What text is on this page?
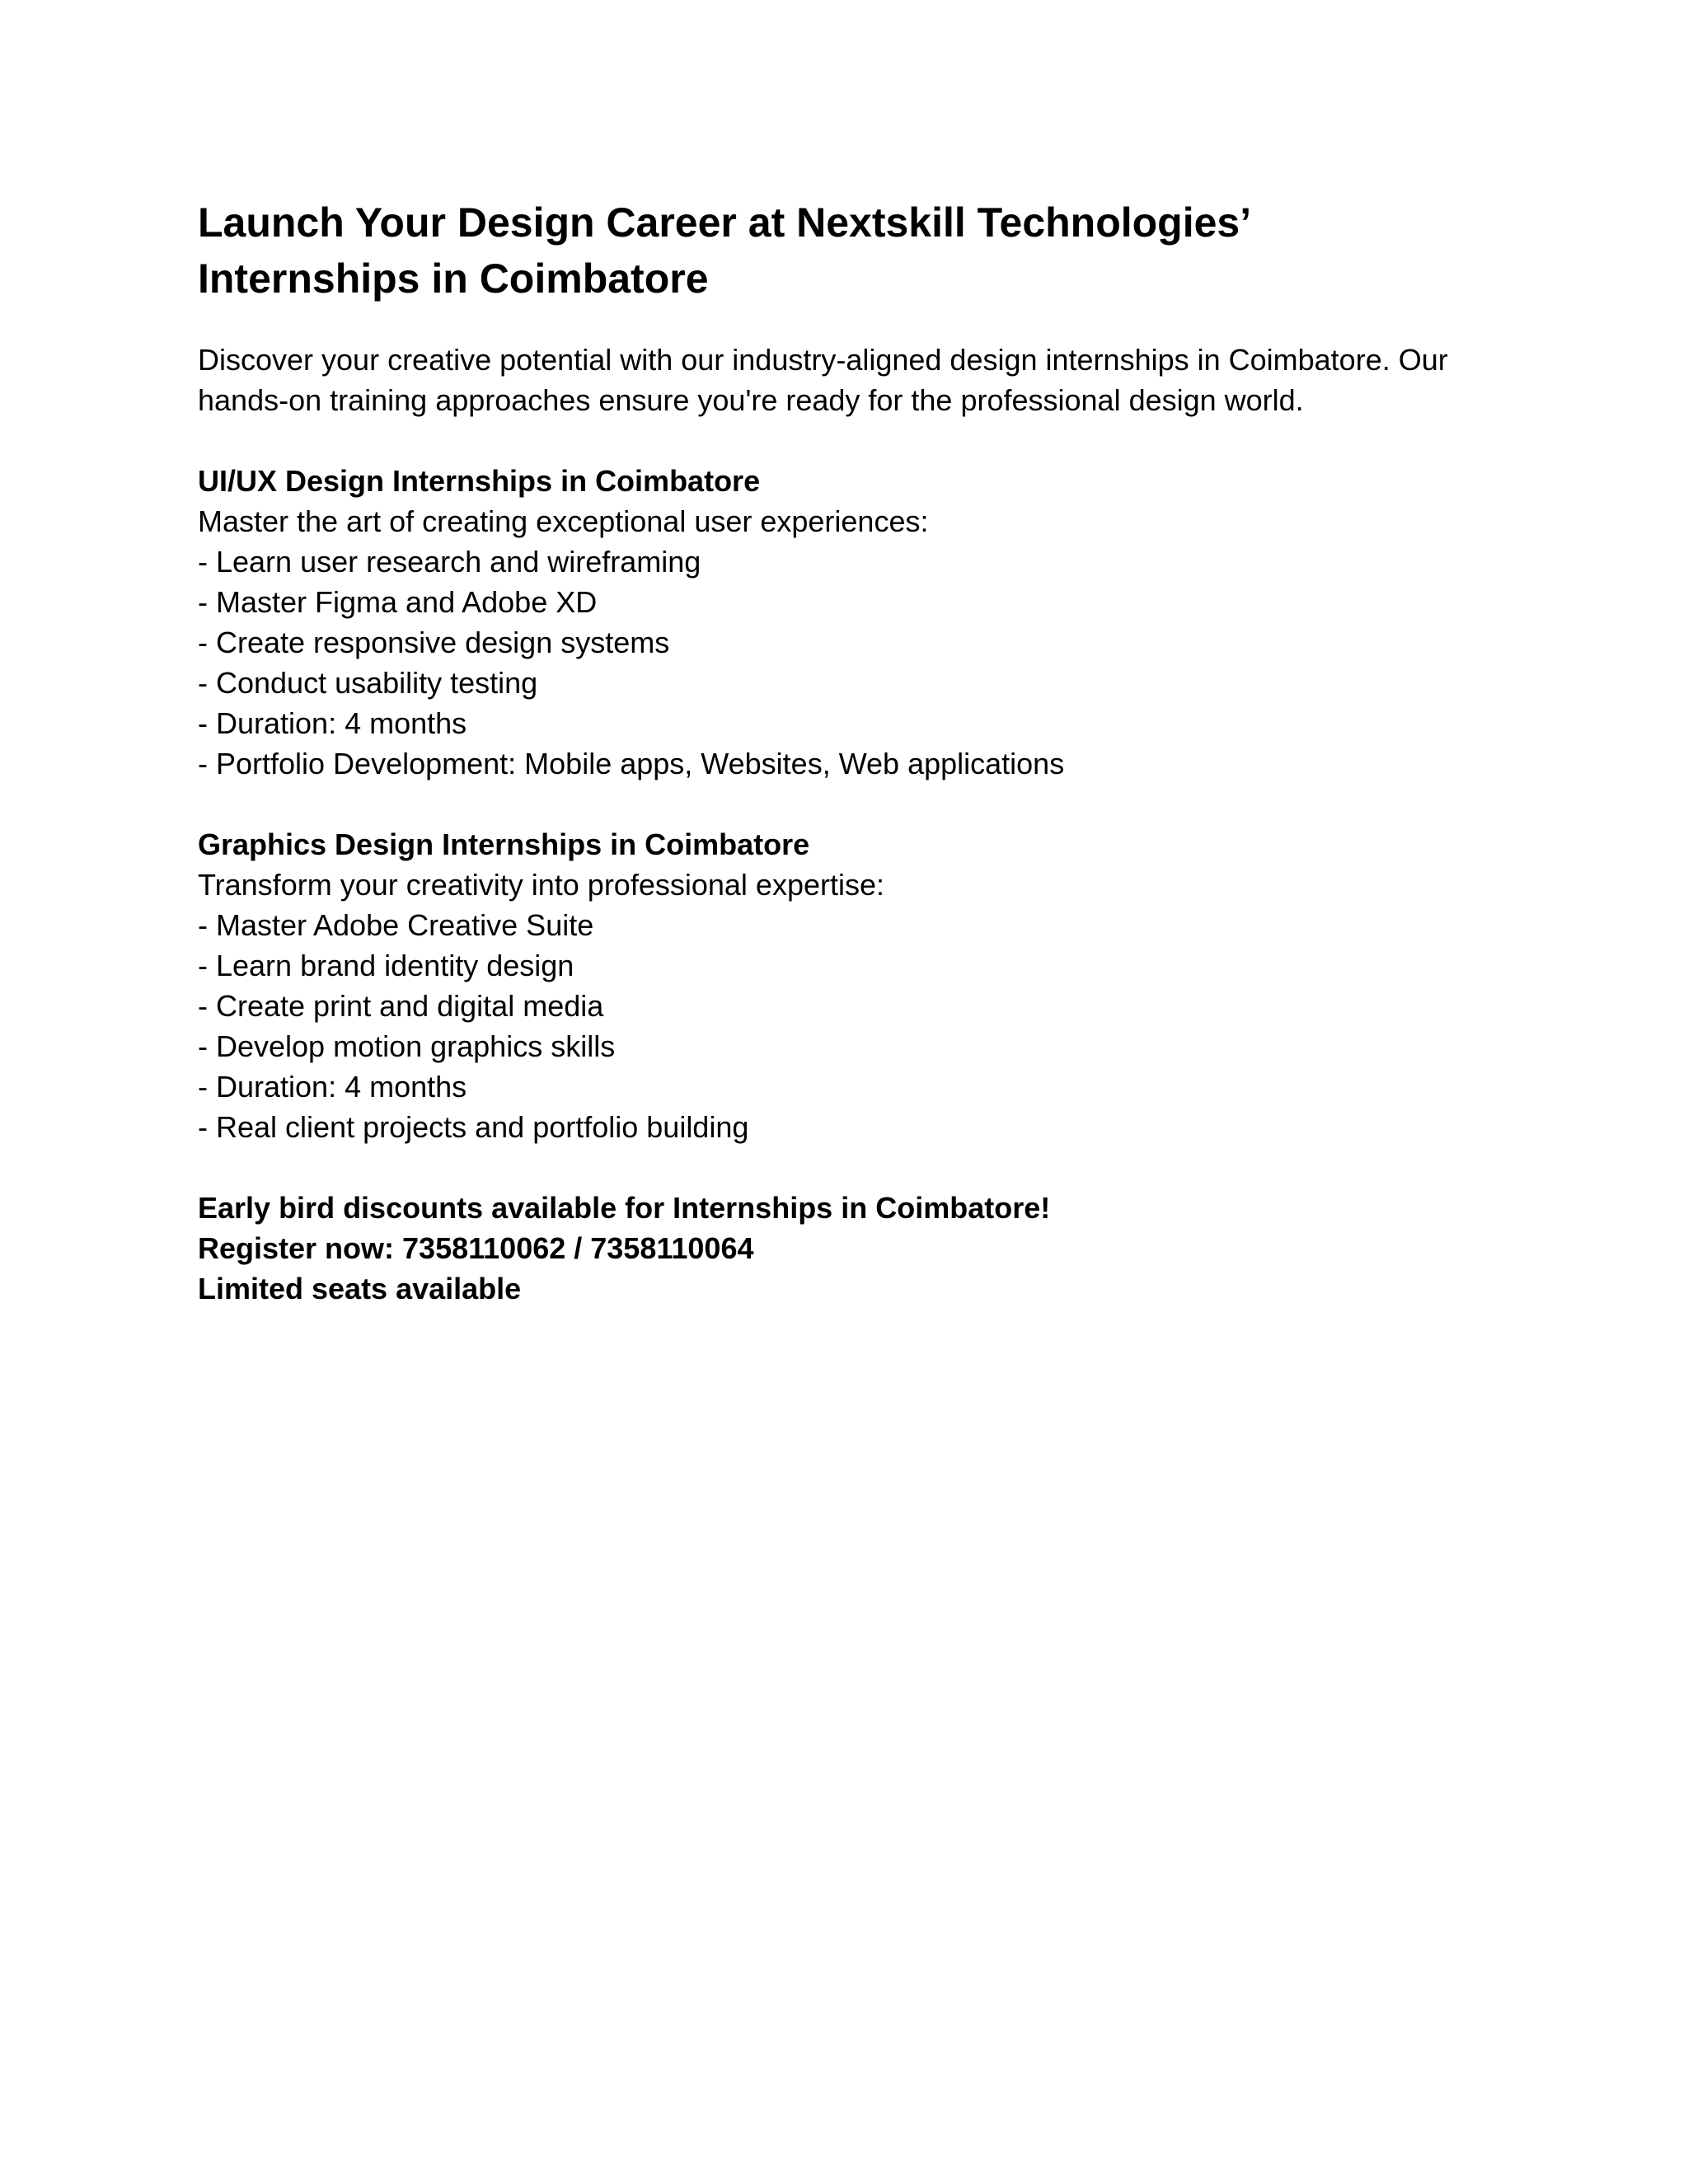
Launch Your Design Career at Nextskill Technologies’
Internships in Coimbatore

Discover your creative potential with our industry-aligned design internships in Coimbatore. Our
hands-on training approaches ensure you're ready for the professional design world.

UI/UX Design Internships in Coimbatore
Master the art of creating exceptional user experiences:
- Learn user research and wireframing
- Master Figma and Adobe XD
- Create responsive design systems
- Conduct usability testing
- Duration: 4 months
- Portfolio Development: Mobile apps, Websites, Web applications
Graphics Design Internships in Coimbatore
Transform your creativity into professional expertise:
- Master Adobe Creative Suite
- Learn brand identity design
- Create print and digital media
- Develop motion graphics skills
- Duration: 4 months
- Real client projects and portfolio building
Early bird discounts available for Internships in Coimbatore!
Register now: 7358110062 / 7358110064
Limited seats available
